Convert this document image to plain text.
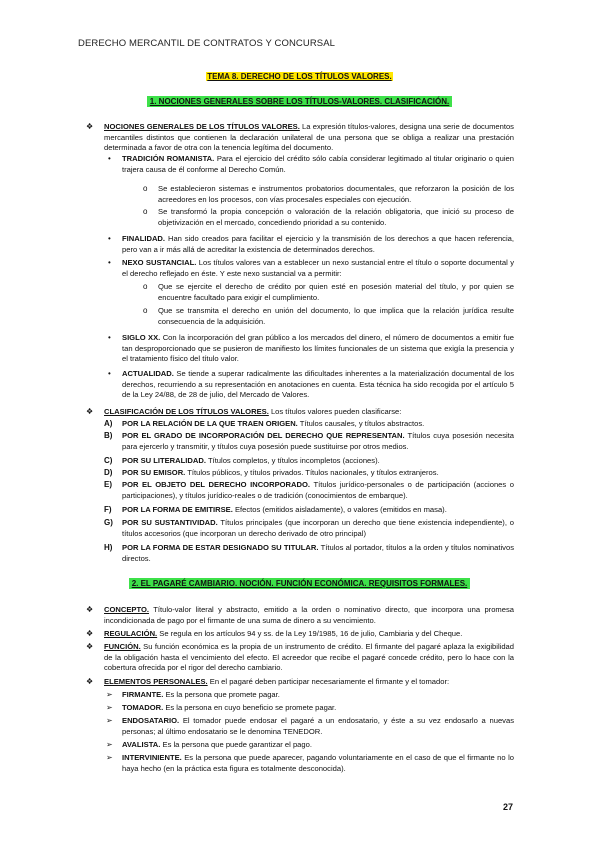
DERECHO MERCANTIL DE CONTRATOS Y CONCURSAL
TEMA 8. DERECHO DE LOS TÍTULOS VALORES.
1. NOCIONES GENERALES SOBRE LOS TÍTULOS-VALORES. CLASIFICACIÓN.
❖ NOCIONES GENERALES DE LOS TÍTULOS VALORES. La expresión títulos-valores, designa una serie de documentos mercantiles distintos que contienen la declaración unilateral de una persona que se obliga a realizar una prestación determinada a favor de otra con la tenencia legítima del documento.
• TRADICIÓN ROMANISTA. Para el ejercicio del crédito sólo cabía considerar legitimado al titular originario o quien trajera causa de él conforme al Derecho Común.
o Se establecieron sistemas e instrumentos probatorios documentales, que reforzaron la posición de los acreedores en los procesos, con vías procesales especiales con ejecución.
o Se transformó la propia concepción o valoración de la relación obligatoria, que inició su proceso de objetivización en el mercado, concediendo prioridad a su contenido.
• FINALIDAD. Han sido creados para facilitar el ejercicio y la transmisión de los derechos a que hacen referencia, pero van a ir más allá de acreditar la existencia de determinados derechos.
• NEXO SUSTANCIAL. Los títulos valores van a establecer un nexo sustancial entre el título o soporte documental y el derecho reflejado en éste. Y este nexo sustancial va a permitir:
o Que se ejercite el derecho de crédito por quien esté en posesión material del título, y por quien se encuentre facultado para exigir el cumplimiento.
o Que se transmita el derecho en unión del documento, lo que implica que la relación jurídica resulte consecuencia de la adquisición.
• SIGLO XX. Con la incorporación del gran público a los mercados del dinero, el número de documentos a emitir fue tan desproporcionado que se pusieron de manifiesto los límites funcionales de un sistema que exigía la presencia y el tratamiento físico del título valor.
• ACTUALIDAD. Se tiende a superar radicalmente las dificultades inherentes a la materialización documental de los derechos, recurriendo a su representación en anotaciones en cuenta. Esta técnica ha sido recogida por el artículo 5 de la Ley 24/88, de 28 de julio, del Mercado de Valores.
❖ CLASIFICACIÓN DE LOS TÍTULOS VALORES. Los títulos valores pueden clasificarse:
A) POR LA RELACIÓN DE LA QUE TRAEN ORIGEN. Títulos causales, y títulos abstractos.
B) POR EL GRADO DE INCORPORACIÓN DEL DERECHO QUE REPRESENTAN. Títulos cuya posesión necesita para ejercerlo y transmitir, y títulos cuya posesión puede sustituirse por otros medios.
C) POR SU LITERALIDAD. Títulos completos, y títulos incompletos (acciones).
D) POR SU EMISOR. Títulos públicos, y títulos privados. Títulos nacionales, y títulos extranjeros.
E) POR EL OBJETO DEL DERECHO INCORPORADO. Títulos jurídico-personales o de participación (acciones o participaciones), y títulos jurídico-reales o de tradición (conocimientos de embarque).
F) POR LA FORMA DE EMITIRSE. Efectos (emitidos aisladamente), o valores (emitidos en masa).
G) POR SU SUSTANTIVIDAD. Títulos principales (que incorporan un derecho que tiene existencia independiente), o títulos accesorios (que incorporan un derecho derivado de otro principal)
H) POR LA FORMA DE ESTAR DESIGNADO SU TITULAR. Títulos al portador, títulos a la orden y títulos nominativos directos.
2. EL PAGARÉ CAMBIARIO. NOCIÓN. FUNCIÓN ECONÓMICA. REQUISITOS FORMALES.
❖ CONCEPTO. Título-valor literal y abstracto, emitido a la orden o nominativo directo, que incorpora una promesa incondicionada de pago por el firmante de una suma de dinero a su vencimiento.
❖ REGULACIÓN. Se regula en los artículos 94 y ss. de la Ley 19/1985, 16 de julio, Cambiaria y del Cheque.
❖ FUNCIÓN. Su función económica es la propia de un instrumento de crédito. El firmante del pagaré aplaza la exigibilidad de la obligación hasta el vencimiento del efecto. El acreedor que recibe el pagaré concede crédito, pero lo hace con la cobertura ofrecida por el rigor del derecho cambiario.
❖ ELEMENTOS PERSONALES. En el pagaré deben participar necesariamente el firmante y el tomador:
➢ FIRMANTE. Es la persona que promete pagar.
➢ TOMADOR. Es la persona en cuyo beneficio se promete pagar.
➢ ENDOSATARIO. El tomador puede endosar el pagaré a un endosatario, y éste a su vez endosarlo a nuevas personas; al último endosatario se le denomina TENEDOR.
➢ AVALISTA. Es la persona que puede garantizar el pago.
➢ INTERVINIENTE. Es la persona que puede aparecer, pagando voluntariamente en el caso de que el firmante no lo haya hecho (en la práctica esta figura es totalmente desconocida).
27
